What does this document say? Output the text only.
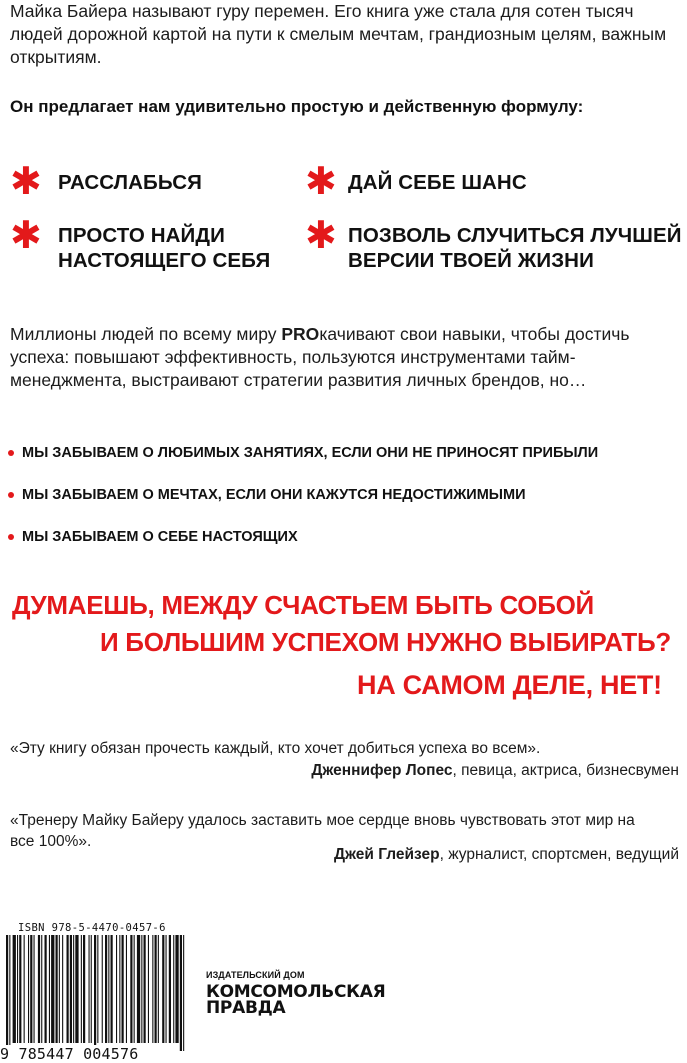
Майка Байера называют гуру перемен. Его книга уже стала для сотен тысяч людей дорожной картой на пути к смелым мечтам, грандиозным целям, важным открытиям.
Он предлагает нам удивительно простую и действенную формулу:
✱ РАССЛАБЬСЯ	✱ ДАЙ СЕБЕ ШАНС
✱ ПРОСТО НАЙДИ
НАСТОЯЩЕГО СЕБЯ
✱ ПОЗВОЛЬ СЛУЧИТЬСЯ ЛУЧШЕЙ
ВЕРСИИ ТВОЕЙ ЖИЗНИ
Миллионы людей по всему миру PROкачивают свои навыки, чтобы достичь успеха: повышают эффективность, пользуются инструментами тайм-менеджмента, выстраивают стратегии развития личных брендов, но…
МЫ ЗАБЫВАЕМ О ЛЮБИМЫХ ЗАНЯТИЯХ, ЕСЛИ ОНИ НЕ ПРИНОСЯТ ПРИБЫЛИ
МЫ ЗАБЫВАЕМ О МЕЧТАХ, ЕСЛИ ОНИ КАЖУТСЯ НЕДОСТИЖИМЫМИ
МЫ ЗАБЫВАЕМ О СЕБЕ НАСТОЯЩИХ
ДУМАЕШЬ, МЕЖДУ СЧАСТЬЕМ БЫТЬ СОБОЙ
И БОЛЬШИМ УСПЕХОМ НУЖНО ВЫБИРАТЬ?
НА САМОМ ДЕЛЕ, НЕТ!
«Эту книгу обязан прочесть каждый, кто хочет добиться успеха во всем».
Дженнифер Лопес, певица, актриса, бизнесвумен
«Тренеру Майку Байеру удалось заставить мое сердце вновь чувствовать этот мир на все 100%».
Джей Глейзер, журналист, спортсмен, ведущий
ISBN 978-5-4470-0457-6
9 785447 004576
ИЗДАТЕЛЬСКИЙ ДОМ
КОМСОМОЛЬСКАЯ
ПРАВДА
